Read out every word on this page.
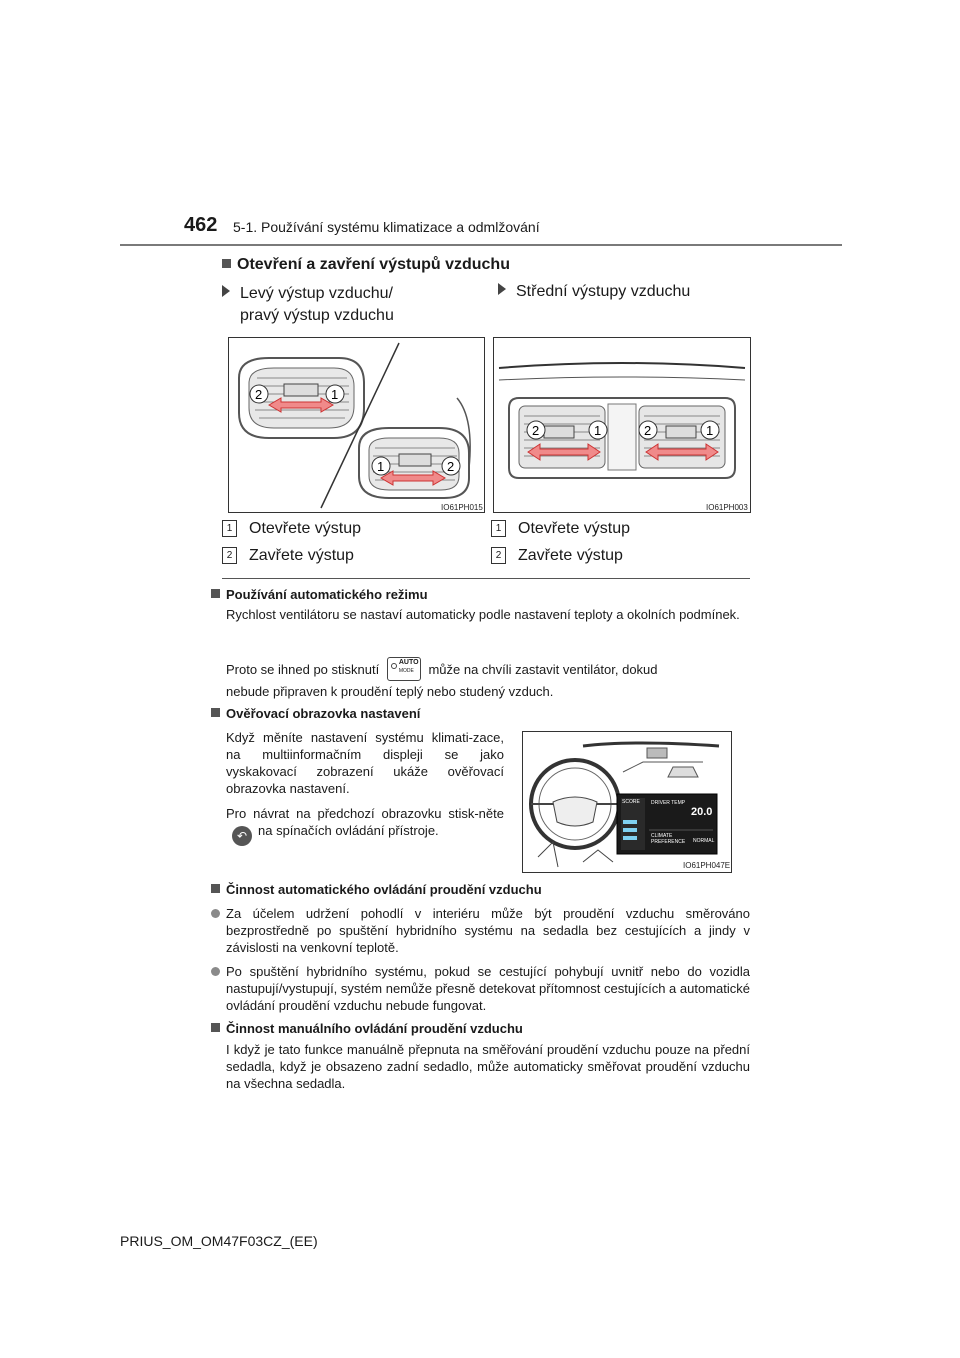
462 5-1. Používání systému klimatizace a odmlžování
Otevření a zavření výstupů vzduchu
Levý výstup vzduchu/
pravý výstup vzduchu
Střední výstupy vzduchu
2	1
1	2
IO61PH015
2	1	2	1
IO61PH003
1 Otevřete výstup
2 Zavřete výstup
1 Otevřete výstup
2 Zavřete výstup
Používání automatického režimu
Rychlost ventilátoru se nastaví automaticky podle nastavení teploty a okolních podmínek.
Proto se ihned po stisknutí	AUTO
MODE může na chvíli zastavit ventilátor, dokud
nebude připraven k proudění teplý nebo studený vzduch.
Ověřovací obrazovka nastavení
Když měníte nastavení systému klimati-zace, na multiinformačním displeji se jako vyskakovací zobrazení ukáže ověřovací obrazovka nastavení.
Pro návrat na předchozí obrazovku stisk-něte↶ na spínačích ovládání přístroje.
SCORE DRIVER TEMP
20.0
CLIMATE PREFERENCE	NORMAL
IO61PH047E
Činnost automatického ovládání proudění vzduchu
Za účelem udržení pohodlí v interiéru může být proudění vzduchu směrováno bezprostředně po spuštění hybridního systému na sedadla bez cestujících a jindy v závislosti na venkovní teplotě.
Po spuštění hybridního systému, pokud se cestující pohybují uvnitř nebo do vozidla nastupují/vystupují, systém nemůže přesně detekovat přítomnost cestujících a automatické ovládání proudění vzduchu nebude fungovat.
Činnost manuálního ovládání proudění vzduchu
I když je tato funkce manuálně přepnuta na směřování proudění vzduchu pouze na přední sedadla, když je obsazeno zadní sedadlo, může automaticky směřovat proudění vzduchu na všechna sedadla.
PRIUS_OM_OM47F03CZ_(EE)
